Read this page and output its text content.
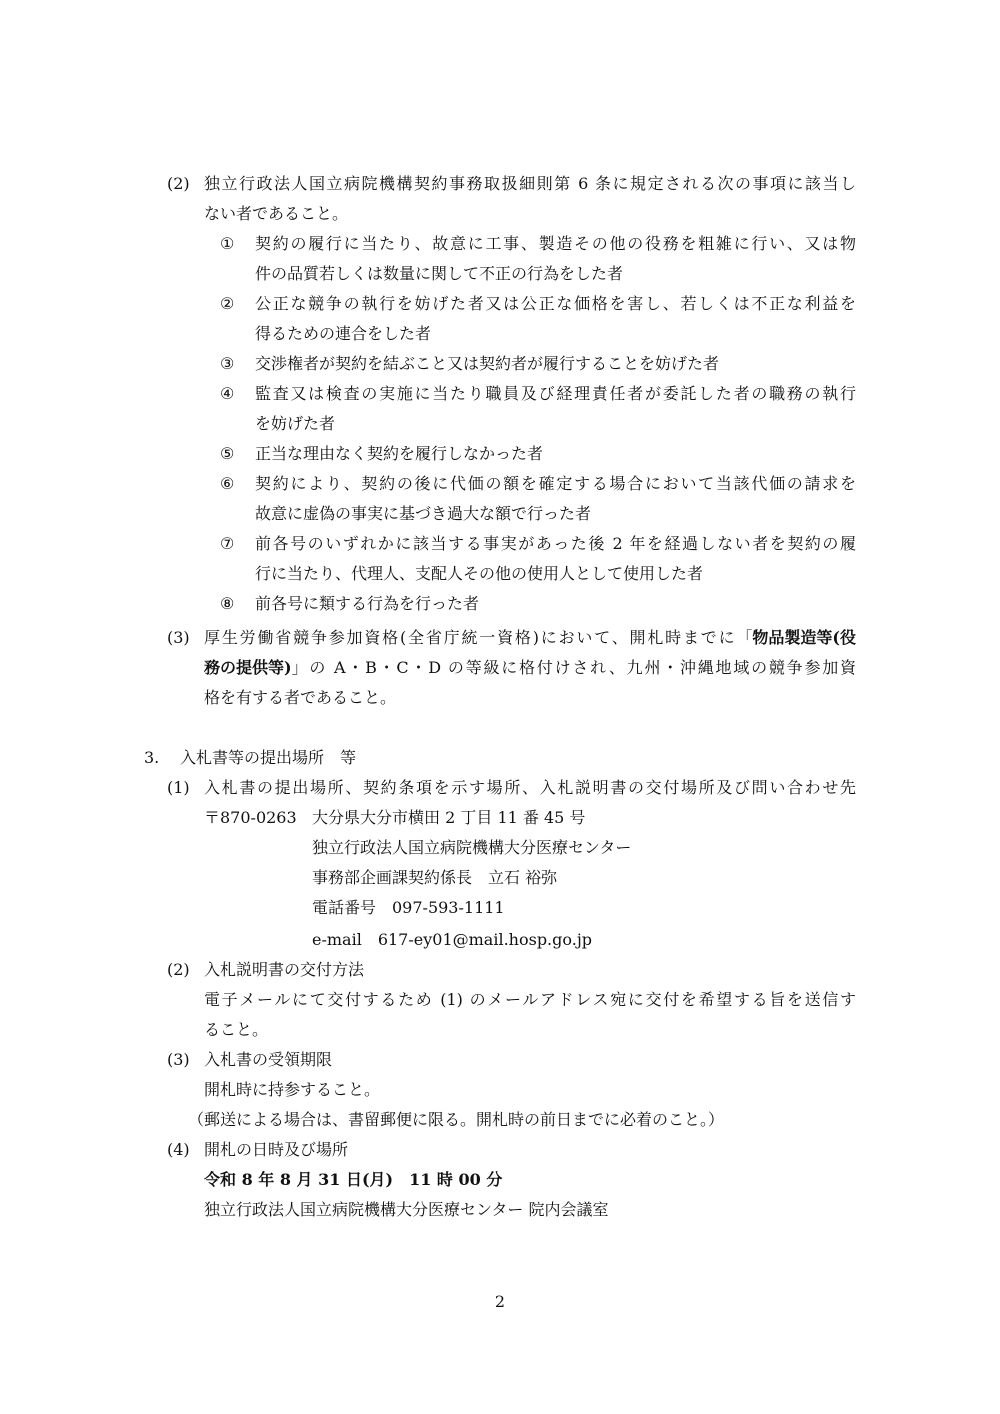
(2) 独立行政法人国立病院機構契約事務取扱細則第 6 条に規定される次の事項に該当し
ない者であること。
① 契約の履行に当たり、故意に工事、製造その他の役務を粗雑に行い、又は物
件の品質若しくは数量に関して不正の行為をした者
② 公正な競争の執行を妨げた者又は公正な価格を害し、若しくは不正な利益を
得るための連合をした者
③ 交渉権者が契約を結ぶこと又は契約者が履行することを妨げた者
④ 監査又は検査の実施に当たり職員及び経理責任者が委託した者の職務の執行
を妨げた者
⑤ 正当な理由なく契約を履行しなかった者
⑥ 契約により、契約の後に代価の額を確定する場合において当該代価の請求を
故意に虚偽の事実に基づき過大な額で行った者
⑦ 前各号のいずれかに該当する事実があった後 2 年を経過しない者を契約の履
行に当たり、代理人、支配人その他の使用人として使用した者
⑧ 前各号に類する行為を行った者
(3) 厚生労働省競争参加資格(全省庁統一資格)において、開札時までに「 物品製造等(役
務の提供等) 」の A・B・C・D の等級に格付けされ、九州・沖縄地域の競争参加資
格を有する者であること。
3. 入札書等の提出場所　等
(1) 入札書の提出場所、契約条項を示す場所、入札説明書の交付場所及び問い合わせ先
〒870-0263 大分県大分市横田 2 丁目 11 番 45 号
独立行政法人国立病院機構大分医療センター
事務部企画課契約係長　立石 裕弥
電話番号　097-593-1111
e-mail　617-ey01@mail.hosp.go.jp
(2) 入札説明書の交付方法
電子メールにて交付するため (1) のメールアドレス宛に交付を希望する旨を送信す
ること。
(3) 入札書の受領期限
開札時に持参すること。
（郵送による場合は、書留郵便に限る。開札時の前日までに必着のこと。）
(4) 開札の日時及び場所
令和 8 年 8 月 31 日(月)　11 時 00 分
独立行政法人国立病院機構大分医療センター 院内会議室
2
